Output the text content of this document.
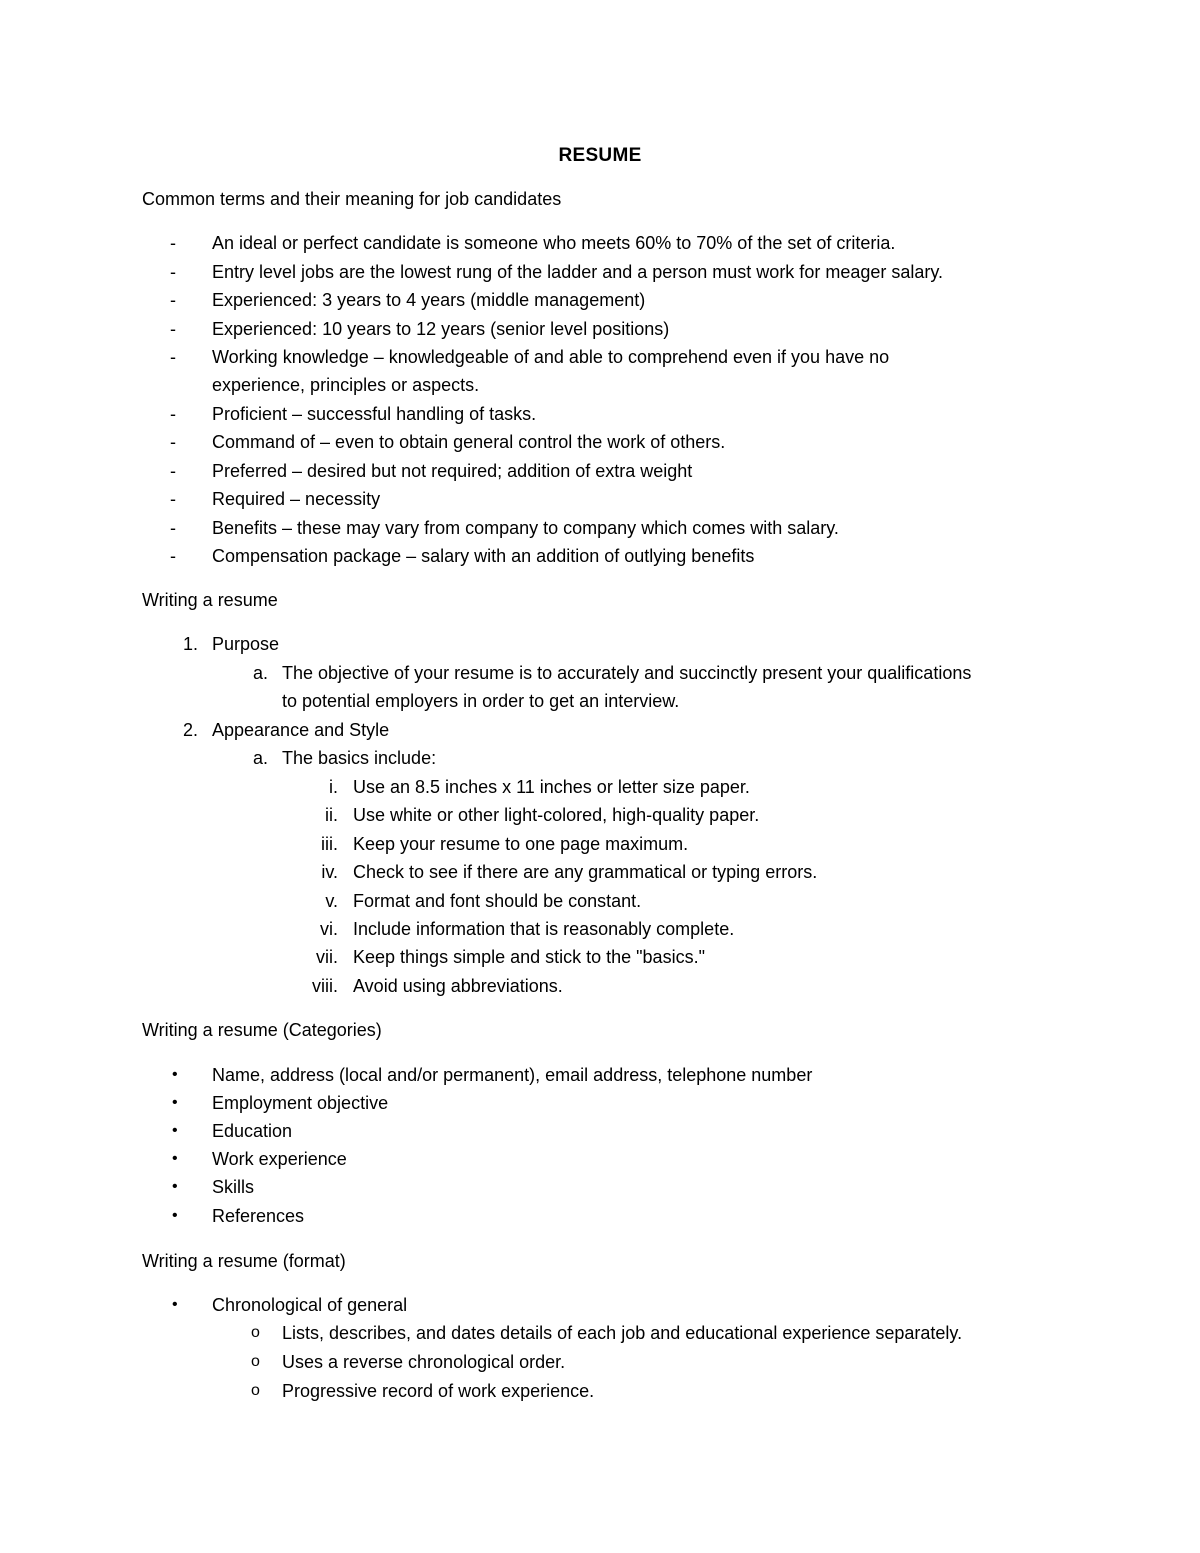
RESUME
Common terms and their meaning for job candidates
-	An ideal or perfect candidate is someone who meets 60% to 70% of the set of criteria.
-	Entry level jobs are the lowest rung of the ladder and a person must work for meager salary.
-	Experienced: 3 years to 4 years (middle management)
-	Experienced: 10 years to 12 years (senior level positions)
-	Working knowledge – knowledgeable of and able to comprehend even if you have no
experience, principles or aspects.
-	Proficient – successful handling of tasks.
-	Command of – even to obtain general control the work of others.
-	Preferred – desired but not required; addition of extra weight
-	Required – necessity
-	Benefits – these may vary from company to company which comes with salary.
-	Compensation package – salary with an addition of outlying benefits
Writing a resume
1. Purpose
a. The objective of your resume is to accurately and succinctly present your qualifications
to potential employers in order to get an interview.
2. Appearance and Style
a. The basics include:
i. Use an 8.5 inches x 11 inches or letter size paper.
ii. Use white or other light-colored, high-quality paper.
iii. Keep your resume to one page maximum.
iv. Check to see if there are any grammatical or typing errors.
v. Format and font should be constant.
vi. Include information that is reasonably complete.
vii. Keep things simple and stick to the "basics."
viii. Avoid using abbreviations.
Writing a resume (Categories)
•	Name, address (local and/or permanent), email address, telephone number
•	Employment objective
•	Education
•	Work experience
•	Skills
•	References
Writing a resume (format)
•	Chronological of general
o Lists, describes, and dates details of each job and educational experience separately.
o Uses a reverse chronological order.
o Progressive record of work experience.
